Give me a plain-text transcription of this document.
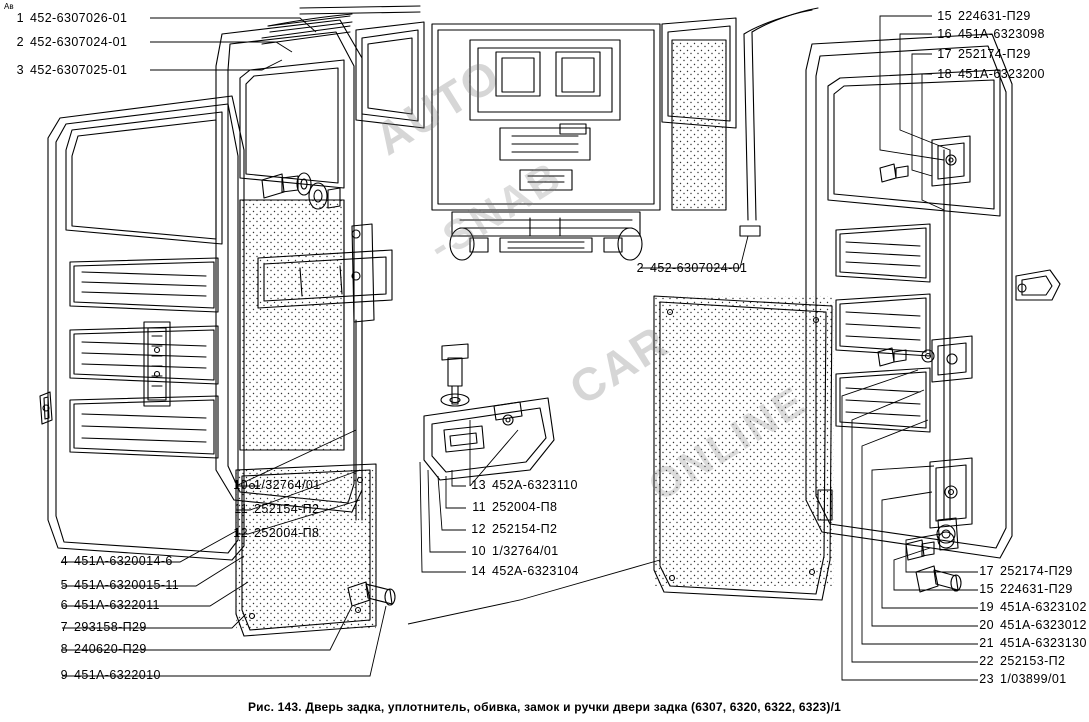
Ав
AUTO
-SNAB
CAR
ONLINE
1 452-6307026-01
2 452-6307024-01
3 452-6307025-01
2 452-6307024-01
15 224631-П29
16 451А-6323098
17 252174-П29
18 451А-6323200
10 1/32764/01
11 252154-П2
12 252004-П8
13 452А-6323110
11 252004-П8
12 252154-П2
10 1/32764/01
14 452А-6323104
4 451А-6320014-6
5 451А-6320015-11
6 451А-6322011
7 293158-П29
8 240620-П29
9 451А-6322010
17 252174-П29
15 224631-П29
19 451А-6323102
20 451А-6323012
21 451А-6323130
22 252153-П2
23 1/03899/01
Рис. 143. Дверь задка, уплотнитель, обивка, замок и ручки двери задка (6307, 6320, 6322, 6323)/1
